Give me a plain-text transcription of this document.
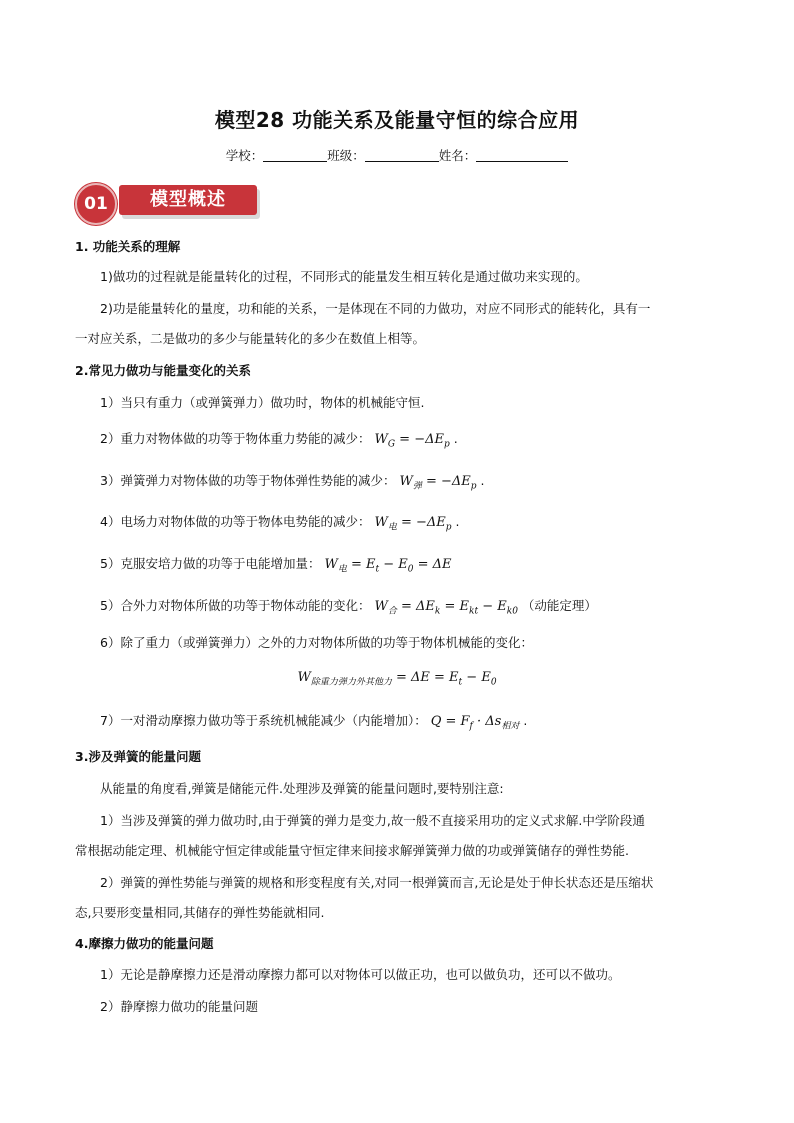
模型28 功能关系及能量守恒的综合应用
学校：	班级：	姓名：
01	模型概述
1. 功能关系的理解
1)做功的过程就是能量转化的过程，不同形式的能量发生相互转化是通过做功来实现的。
2)功是能量转化的量度，功和能的关系，一是体现在不同的力做功，对应不同形式的能转化，具有一
一对应关系，二是做功的多少与能量转化的多少在数值上相等。
2.常见力做功与能量变化的关系
1）当只有重力（或弹簧弹力）做功时，物体的机械能守恒.
2）重力对物体做的功等于物体重力势能的减少： $W_G = -\Delta E_p$ .
3）弹簧弹力对物体做的功等于物体弹性势能的减少： $W_弹 = -\Delta E_p$ .
4）电场力对物体做的功等于物体电势能的减少： $W_电 = -\Delta E_p$ .
5）克服安培力做的功等于电能增加量： $W_电 = E_t - E_0 = \Delta E$
5）合外力对物体所做的功等于物体动能的变化： $W_合 = \Delta E_k = E_{kt} - E_{k0}$ （动能定理）
6）除了重力（或弹簧弹力）之外的力对物体所做的功等于物体机械能的变化：
$W_{除重力弹力外其他力} = \Delta E = E_t - E_0$
7）一对滑动摩擦力做功等于系统机械能减少（内能增加）： $Q = F_f \cdot \Delta s_{相对}$ .
3.涉及弹簧的能量问题
从能量的角度看,弹簧是储能元件.处理涉及弹簧的能量问题时,要特别注意:
1）当涉及弹簧的弹力做功时,由于弹簧的弹力是变力,故一般不直接采用功的定义式求解.中学阶段通
常根据动能定理、机械能守恒定律或能量守恒定律来间接求解弹簧弹力做的功或弹簧储存的弹性势能.
2）弹簧的弹性势能与弹簧的规格和形变程度有关,对同一根弹簧而言,无论是处于伸长状态还是压缩状
态,只要形变量相同,其储存的弹性势能就相同.
4.摩擦力做功的能量问题
1）无论是静摩擦力还是滑动摩擦力都可以对物体可以做正功，也可以做负功，还可以不做功。
2）静摩擦力做功的能量问题
